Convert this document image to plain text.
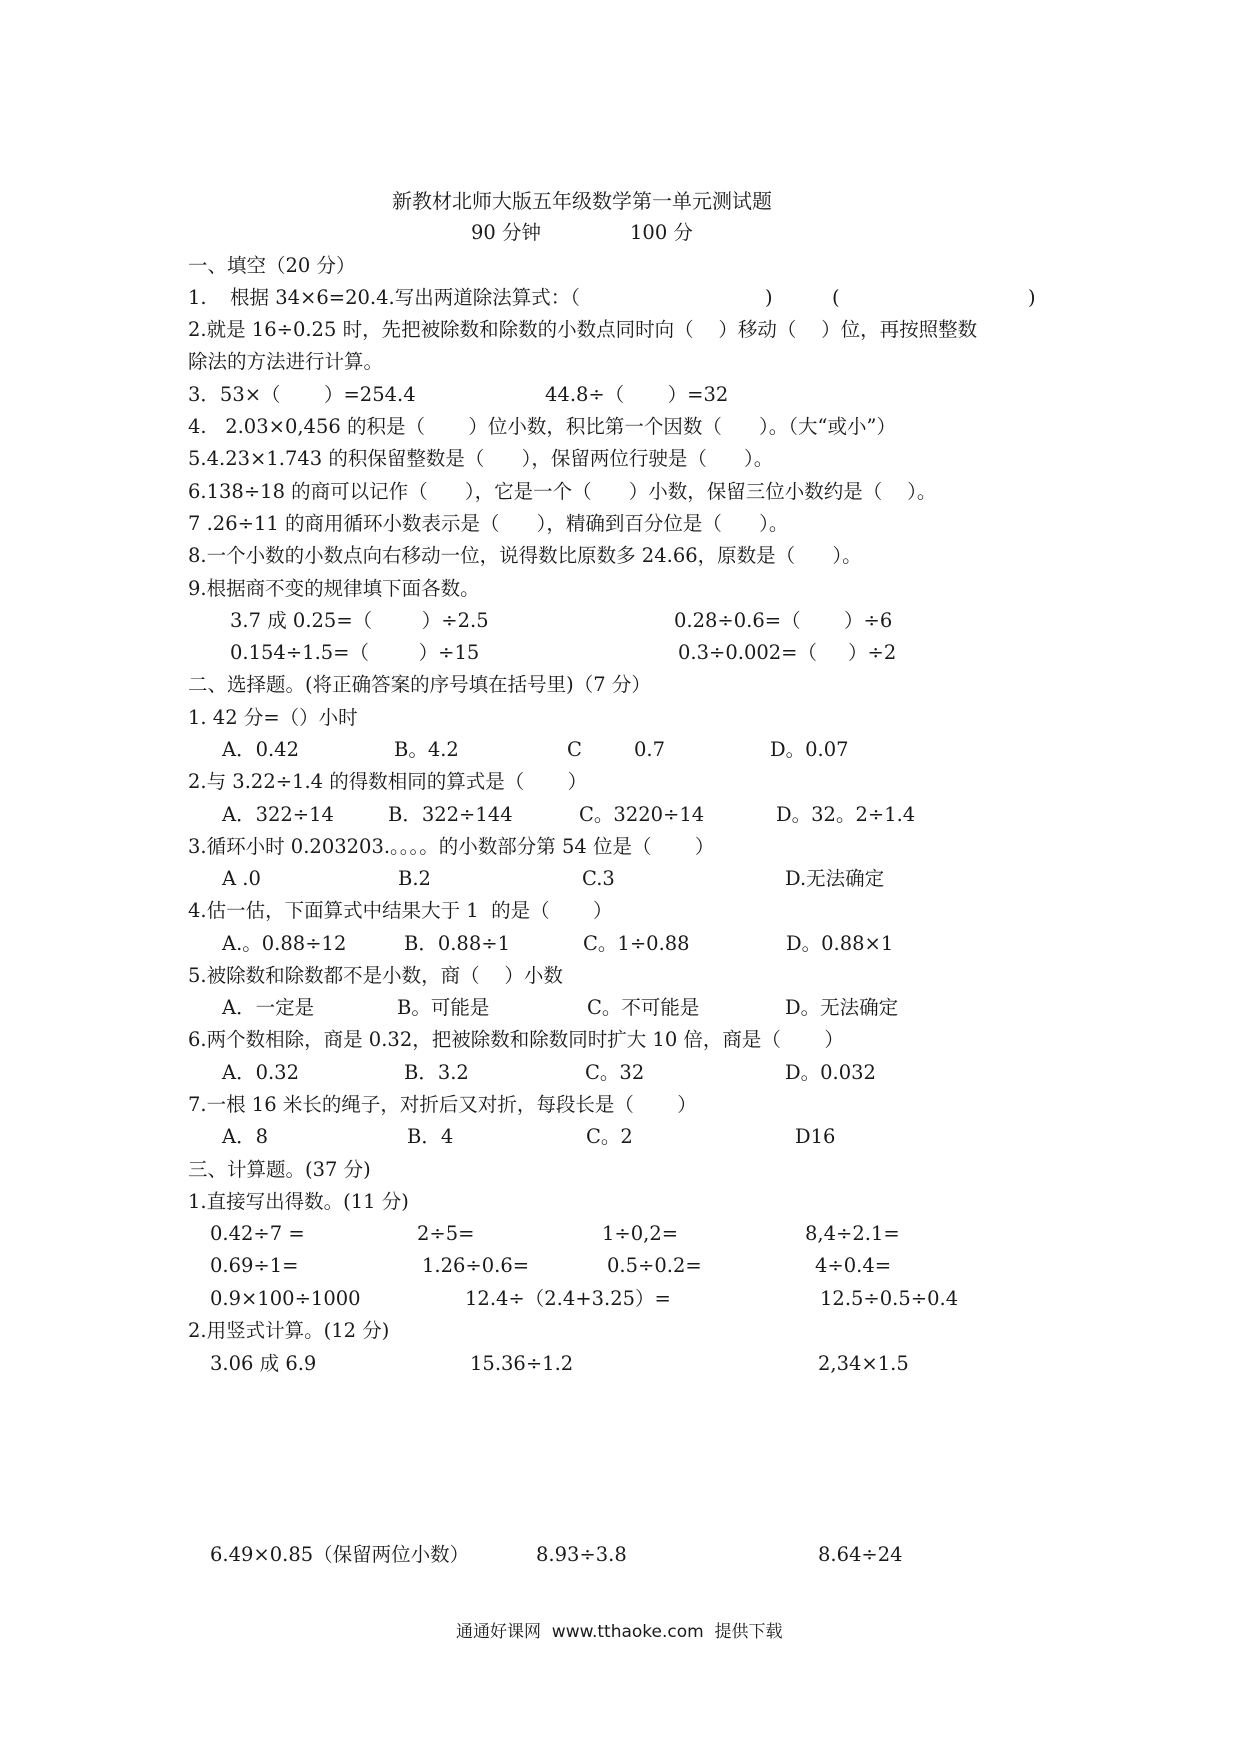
新教材北师大版五年级数学第一单元测试题
90 分钟	100 分
一、填空（20 分）
1. 根据 34×6=20.4.写出两道除法算式：（	)	(	)
2.就是 16÷0.25 时，先把被除数和除数的小数点同时向（    ）移动（    ）位，再按照整数
除法的方法进行计算。
3．53×（       ）=254.4	44.8÷（       ）=32
4.   2.03×0,456 的积是（       ）位小数，积比第一个因数（      ）。（大“或小”）
5.4.23×1.743 的积保留整数是（      ），保留两位行驶是（      ）。
6.138÷18 的商可以记作（      ），它是一个（      ）小数，保留三位小数约是（    ）。
7 .26÷11 的商用循环小数表示是（      ），精确到百分位是（      ）。
8.一个小数的小数点向右移动一位，说得数比原数多 24.66，原数是（      ）。
9.根据商不变的规律填下面各数。
3.7 成 0.25=（        ）÷2.5	0.28÷0.6=（       ）÷6
0.154÷1.5=（        ）÷15	0.3÷0.002=（     ）÷2
二、选择题。(将正确答案的序号填在括号里)（7 分）
1. 42 分=（）小时
A．0.42	B。4.2	C	0.7	D。0.07
2.与 3.22÷1.4 的得数相同的算式是（       ）
A．322÷14	B．322÷144	C。3220÷14	D。32。2÷1.4
3.循环小时 0.203203.。。。。的小数部分第 54 位是（       ）
A .0	B.2	C.3	D.无法确定
4.估一估，下面算式中结果大于 1  的是（       ）
A.。0.88÷12	B．0.88÷1	C。1÷0.88	D。0.88×1
5.被除数和除数都不是小数，商（    ）小数
A．一定是	B。可能是	C。不可能是	D。无法确定
6.两个数相除，商是 0.32，把被除数和除数同时扩大 10 倍，商是（       ）
A．0.32	B．3.2	C。32	D。0.032
7.一根 16 米长的绳子，对折后又对折，每段长是（       ）
A．8	B．4	C。2	D16
三、计算题。(37 分)
1.直接写出得数。(11 分)
0.42÷7 =	2÷5=	1÷0,2=	8,4÷2.1=
0.69÷1=	1.26÷0.6=	0.5÷0.2=	4÷0.4=
0.9×100÷1000	12.4÷（2.4+3.25）=	12.5÷0.5÷0.4
2.用竖式计算。(12 分)
3.06 成 6.9	15.36÷1.2	2,34×1.5
6.49×0.85（保留两位小数）	8.93÷3.8	8.64÷24
通通好课网  www.tthaoke.com  提供下载
